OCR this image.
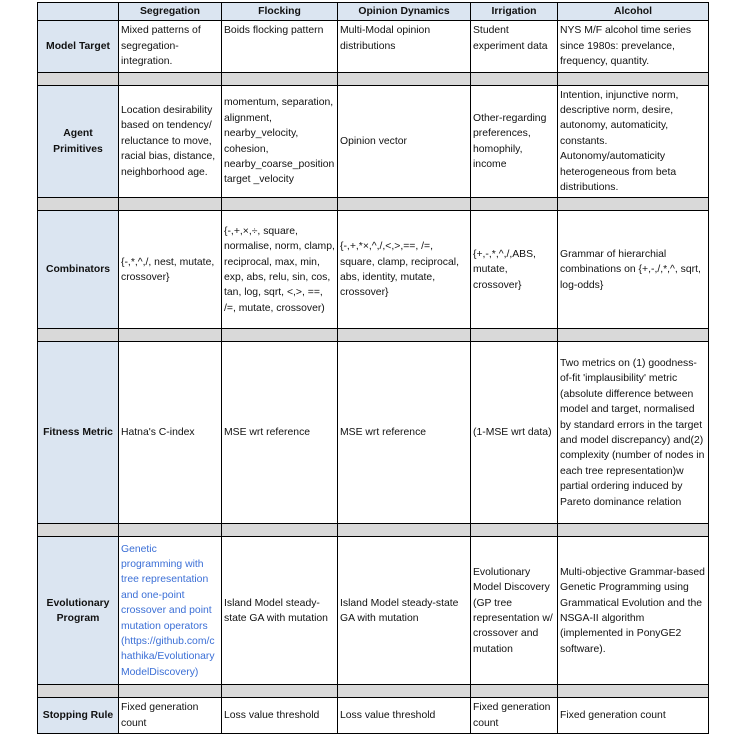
	Segregation	Flocking	Opinion Dynamics	Irrigation	Alcohol
Model Target	Mixed patterns of segregation-integration.	Boids flocking pattern	Multi-Modal opinion distributions	Student experiment data	NYS M/F alcohol time series since 1980s: prevelance, frequency, quantity.

Agent Primitives	Location desirability based on tendency/ reluctance to move, racial bias, distance, neighborhood age.	momentum, separation, alignment, nearby_velocity, cohesion, nearby_coarse_position target _velocity	Opinion vector	Other-regarding preferences, homophily, income	Intention, injunctive norm, descriptive norm, desire, autonomy, automaticity, constants. Autonomy/automaticity heterogeneous from beta distributions.

Combinators	{-,*,^,/, nest, mutate, crossover}	{-,+,×,÷, square, normalise, norm, clamp, reciprocal, max, min, exp, abs, relu, sin, cos, tan, log, sqrt, <,>, ==, /=, mutate, crossover)	{-,+,*×,^,/,<,>,==, /=, square, clamp, reciprocal, abs, identity, mutate, crossover}	{+,-,*,^,/,ABS, mutate, crossover}	Grammar of hierarchial combinations on {+,-,/,*,^, sqrt, log-odds}

Fitness Metric	Hatna's C-index	MSE wrt reference	MSE wrt reference	(1-MSE wrt data)	Two metrics on (1) goodness-of-fit 'implausibility' metric (absolute difference between model and target, normalised by standard errors in the target and model discrepancy) and(2) complexity (number of nodes in each tree representation)w partial ordering induced by Pareto dominance relation

Evolutionary Program	Genetic programming with tree representation and one-point crossover and point mutation operators (https://github.com/chathika/EvolutionaryModelDiscovery)	Island Model steady-state GA with mutation	Island Model steady-state GA with mutation	Evolutionary Model Discovery (GP tree representation w/ crossover and mutation	Multi-objective Grammar-based Genetic Programming using Grammatical Evolution and the NSGA-II algorithm (implemented in PonyGE2 software).

Stopping Rule	Fixed generation count	Loss value threshold	Loss value threshold	Fixed generation count	Fixed generation count
